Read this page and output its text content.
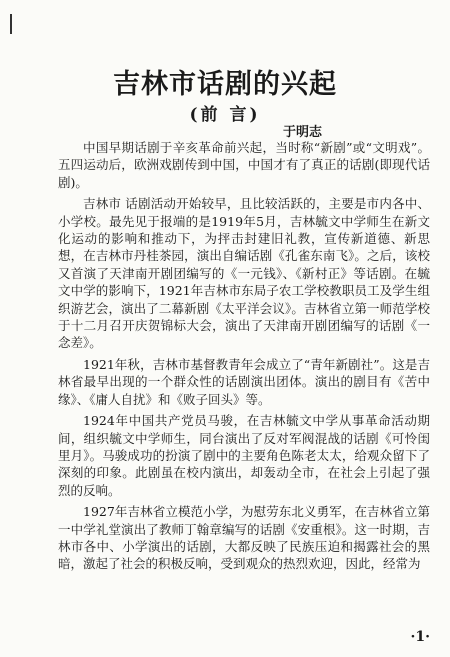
吉林市话剧的兴起
(前 言)
于明志

中国早期话剧于辛亥革命前兴起，当时称“新剧”或“文明戏”。五四运动后，欧洲戏剧传到中国，中国才有了真正的话剧(即现代话剧)。

吉林市 话剧活动开始较早，且比较活跃的，主要是市内各中、小学校。最先见于报端的是1919年5月，吉林毓文中学师生在新文化运动的影响和推动下，为抨击封建旧礼教，宣传新道德、新思想，在吉林市丹桂茶园，演出自编话剧《孔雀东南飞》。之后，该校又首演了天津南开剧团编写的《一元钱》、《新村正》等话剧。在毓文中学的影响下，1921年吉林市东局子农工学校教职员工及学生组织游艺会，演出了二幕新剧《太平洋会议》。吉林省立第一师范学校于十二月召开庆贺锦标大会，演出了天津南开剧团编写的话剧《一念差》。

1921年秋，吉林市基督教青年会成立了“青年新剧社”。这是吉林省最早出现的一个群众性的话剧演出团体。演出的剧目有《苦中缘》、《庸人自扰》和《败子回头》等。

1924年中国共产党员马骏，在吉林毓文中学从事革命活动期间，组织毓文中学师生，同台演出了反对军阀混战的话剧《可怜闺里月》。马骏成功的扮演了剧中的主要角色陈老太太，给观众留下了深刻的印象。此剧虽在校内演出，却轰动全市，在社会上引起了强烈的反响。

1927年吉林省立模范小学，为慰劳东北义勇军，在吉林省立第一中学礼堂演出了教师丁翰章编写的话剧《安重根》。这一时期，吉林市各中、小学演出的话剧，大都反映了民族压迫和揭露社会的黑暗，激起了社会的积极反响，受到观众的热烈欢迎，因此，经常为

·1·
